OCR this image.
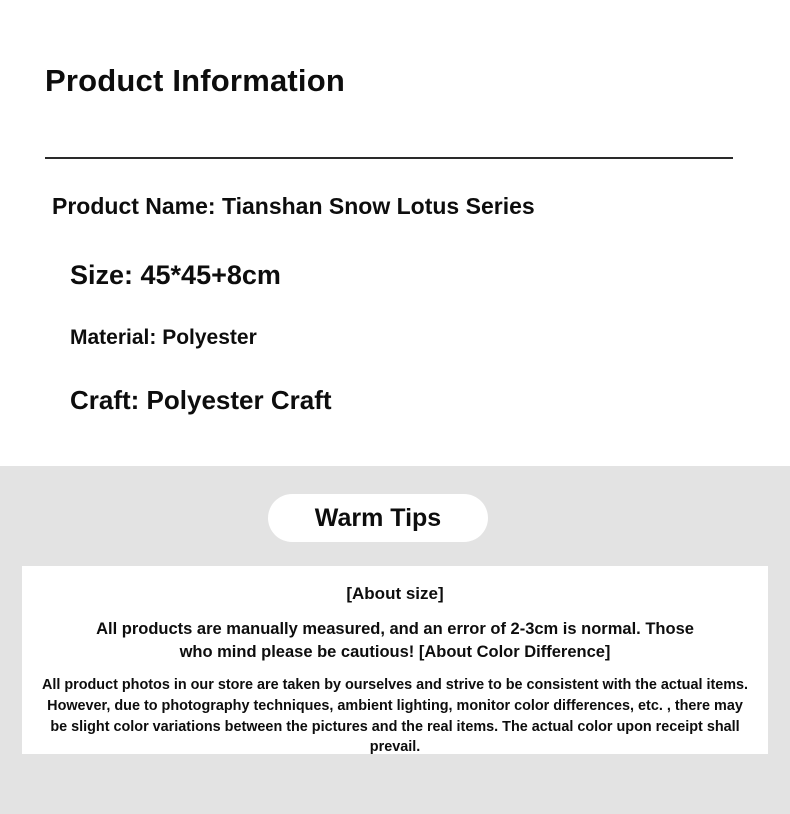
Product Information
Product Name: Tianshan Snow Lotus Series
Size: 45*45+8cm
Material: Polyester
Craft: Polyester Craft
Warm Tips

[About size]

All products are manually measured, and an error of 2-3cm is normal. Those who mind please be cautious! [About Color Difference]

All product photos in our store are taken by ourselves and strive to be consistent with the actual items. However, due to photography techniques, ambient lighting, monitor color differences, etc. , there may be slight color variations between the pictures and the real items. The actual color upon receipt shall prevail.
